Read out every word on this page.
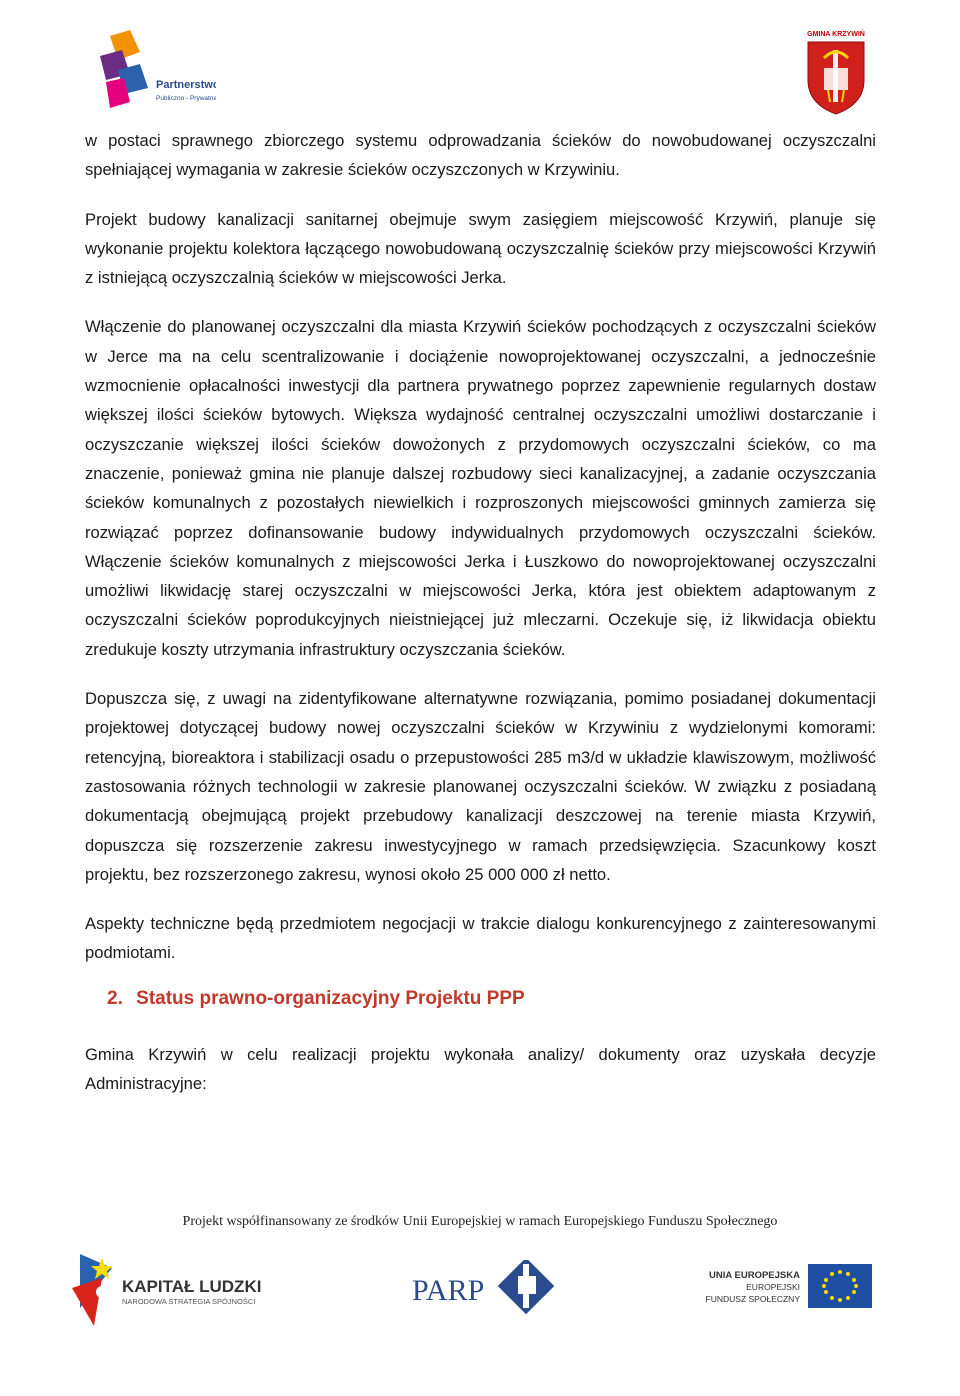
Partnerstwo
Publiczno - Prywatne
GMINA KRZYWIŃ

w postaci sprawnego zbiorczego systemu odprowadzania ścieków do nowobudowanej oczyszczalni spełniającej wymagania w zakresie ścieków oczyszczonych w Krzywiniu.

Projekt budowy kanalizacji sanitarnej obejmuje swym zasięgiem miejscowość Krzywiń, planuje się wykonanie projektu kolektora łączącego nowobudowaną oczyszczalnię ścieków przy miejscowości Krzywiń z istniejącą oczyszczalnią ścieków w miejscowości Jerka.

Włączenie do planowanej oczyszczalni dla miasta Krzywiń ścieków pochodzących z oczyszczalni ścieków w Jerce ma na celu scentralizowanie i dociążenie nowoprojektowanej oczyszczalni, a jednocześnie wzmocnienie opłacalności inwestycji dla partnera prywatnego poprzez zapewnienie regularnych dostaw większej ilości ścieków bytowych. Większa wydajność centralnej oczyszczalni umożliwi dostarczanie i oczyszczanie większej ilości ścieków dowożonych z przydomowych oczyszczalni ścieków, co ma znaczenie, ponieważ gmina nie planuje dalszej rozbudowy sieci kanalizacyjnej, a zadanie oczyszczania ścieków komunalnych z pozostałych niewielkich i rozproszonych miejscowości gminnych zamierza się rozwiązać poprzez dofinansowanie budowy indywidualnych przydomowych oczyszczalni ścieków. Włączenie ścieków komunalnych z miejscowości Jerka i Łuszkowo do nowoprojektowanej oczyszczalni umożliwi likwidację starej oczyszczalni w miejscowości Jerka, która jest obiektem adaptowanym z oczyszczalni ścieków poprodukcyjnych nieistniejącej już mleczarni. Oczekuje się, iż likwidacja obiektu zredukuje koszty utrzymania infrastruktury oczyszczania ścieków.

Dopuszcza się, z uwagi na zidentyfikowane alternatywne rozwiązania, pomimo posiadanej dokumentacji projektowej dotyczącej budowy nowej oczyszczalni ścieków w Krzywiniu z wydzielonymi komorami: retencyjną, bioreaktora i stabilizacji osadu o przepustowości 285 m3/d w układzie klawiszowym, możliwość zastosowania różnych technologii w zakresie planowanej oczyszczalni ścieków. W związku z posiadaną dokumentacją obejmującą projekt przebudowy kanalizacji deszczowej na terenie miasta Krzywiń, dopuszcza się rozszerzenie zakresu inwestycyjnego w ramach przedsięwzięcia. Szacunkowy koszt projektu, bez rozszerzonego zakresu, wynosi około 25 000 000 zł netto.

Aspekty techniczne będą przedmiotem negocjacji w trakcie dialogu konkurencyjnego z zainteresowanymi podmiotami.

2. Status prawno-organizacyjny Projektu PPP

Gmina Krzywiń w celu realizacji projektu wykonała analizy/ dokumenty oraz uzyskała decyzje Administracyjne:

Projekt współfinansowany ze środków Unii Europejskiej w ramach Europejskiego Funduszu Społecznego
KAPITAŁ LUDZKI
NARODOWA STRATEGIA SPÓJNOŚCI	PARP	UNIA EUROPEJSKA
EUROPEJSKI
FUNDUSZ SPOŁECZNY
